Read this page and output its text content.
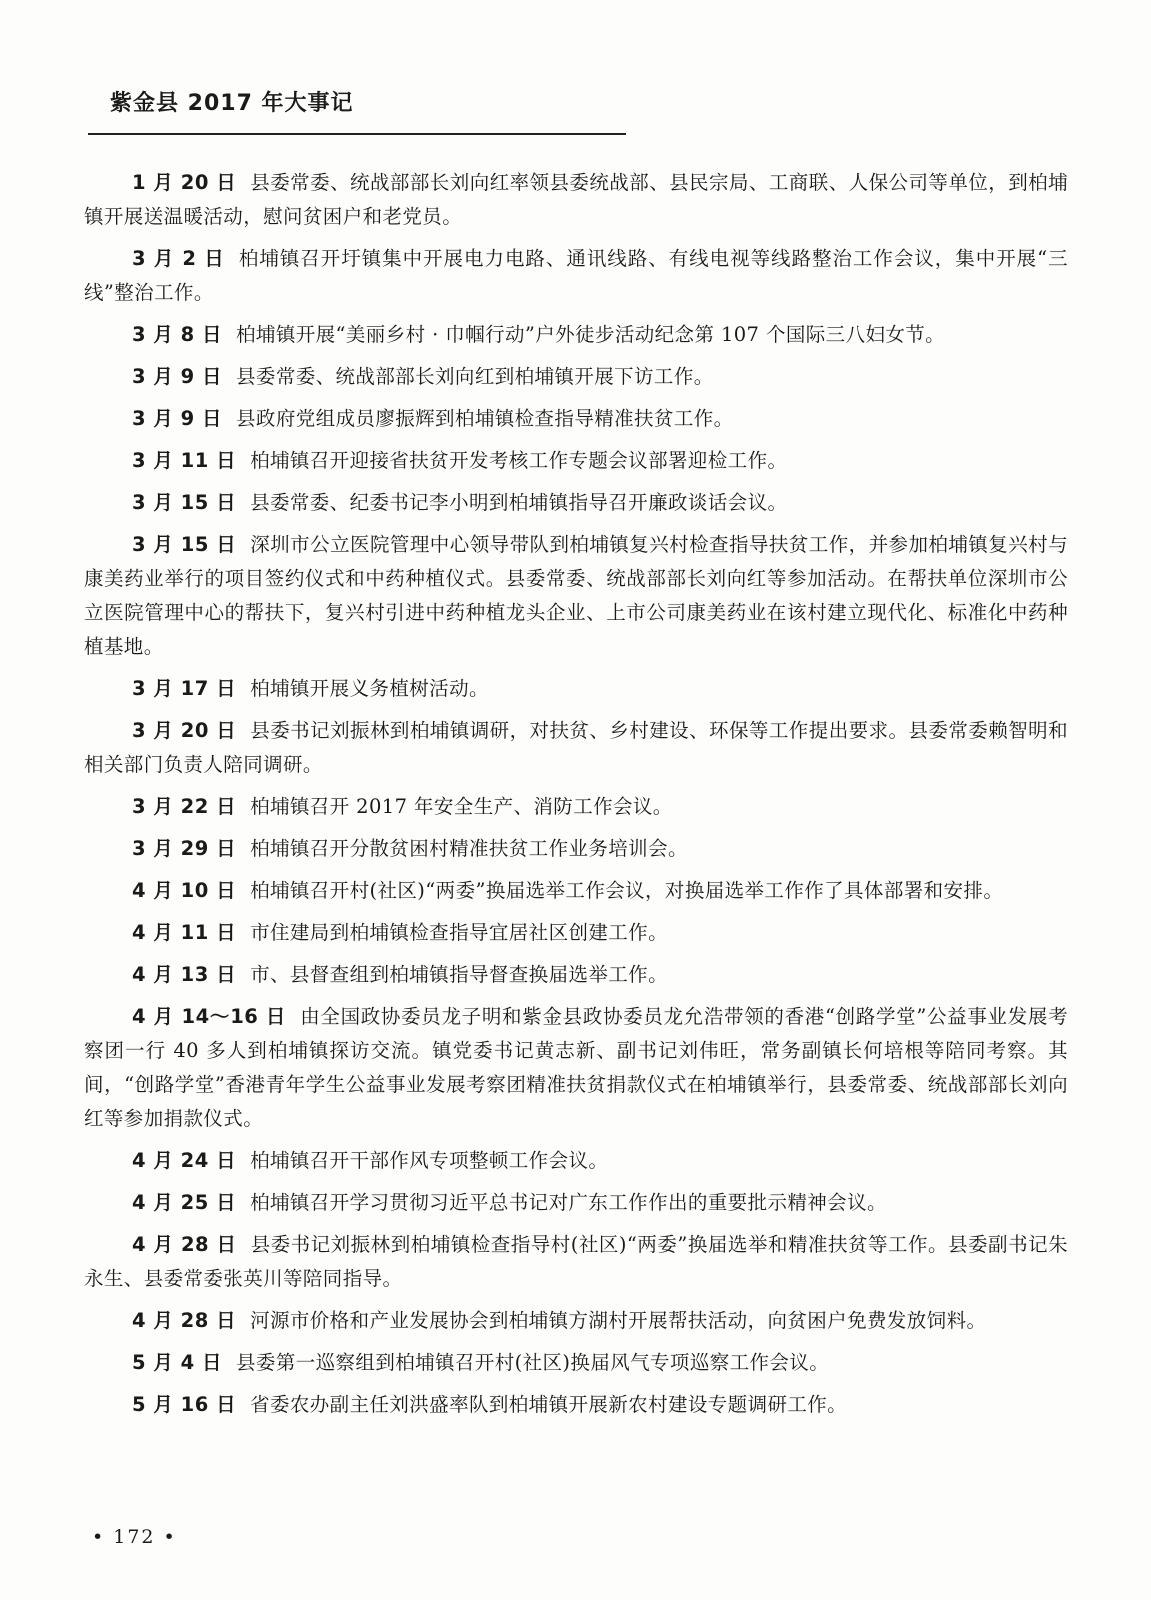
紫金县 2017 年大事记

1 月 20 日 县委常委、统战部部长刘向红率领县委统战部、县民宗局、工商联、人保公司等单位，到柏埔镇开展送温暖活动，慰问贫困户和老党员。

3 月 2 日 柏埔镇召开圩镇集中开展电力电路、通讯线路、有线电视等线路整治工作会议，集中开展“三线”整治工作。

3 月 8 日 柏埔镇开展“美丽乡村 · 巾帼行动”户外徒步活动纪念第 107 个国际三八妇女节。

3 月 9 日 县委常委、统战部部长刘向红到柏埔镇开展下访工作。

3 月 9 日 县政府党组成员廖振辉到柏埔镇检查指导精准扶贫工作。

3 月 11 日 柏埔镇召开迎接省扶贫开发考核工作专题会议部署迎检工作。

3 月 15 日 县委常委、纪委书记李小明到柏埔镇指导召开廉政谈话会议。

3 月 15 日 深圳市公立医院管理中心领导带队到柏埔镇复兴村检查指导扶贫工作，并参加柏埔镇复兴村与康美药业举行的项目签约仪式和中药种植仪式。县委常委、统战部部长刘向红等参加活动。在帮扶单位深圳市公立医院管理中心的帮扶下，复兴村引进中药种植龙头企业、上市公司康美药业在该村建立现代化、标准化中药种植基地。

3 月 17 日 柏埔镇开展义务植树活动。

3 月 20 日 县委书记刘振林到柏埔镇调研，对扶贫、乡村建设、环保等工作提出要求。县委常委赖智明和相关部门负责人陪同调研。

3 月 22 日 柏埔镇召开 2017 年安全生产、消防工作会议。

3 月 29 日 柏埔镇召开分散贫困村精准扶贫工作业务培训会。

4 月 10 日 柏埔镇召开村(社区)“两委”换届选举工作会议，对换届选举工作作了具体部署和安排。

4 月 11 日 市住建局到柏埔镇检查指导宜居社区创建工作。

4 月 13 日 市、县督查组到柏埔镇指导督查换届选举工作。

4 月 14～16 日 由全国政协委员龙子明和紫金县政协委员龙允浩带领的香港“创路学堂”公益事业发展考察团一行 40 多人到柏埔镇探访交流。镇党委书记黄志新、副书记刘伟旺，常务副镇长何培根等陪同考察。其间，“创路学堂”香港青年学生公益事业发展考察团精准扶贫捐款仪式在柏埔镇举行，县委常委、统战部部长刘向红等参加捐款仪式。

4 月 24 日 柏埔镇召开干部作风专项整顿工作会议。

4 月 25 日 柏埔镇召开学习贯彻习近平总书记对广东工作作出的重要批示精神会议。

4 月 28 日 县委书记刘振林到柏埔镇检查指导村(社区)“两委”换届选举和精准扶贫等工作。县委副书记朱永生、县委常委张英川等陪同指导。

4 月 28 日 河源市价格和产业发展协会到柏埔镇方湖村开展帮扶活动，向贫困户免费发放饲料。

5 月 4 日 县委第一巡察组到柏埔镇召开村(社区)换届风气专项巡察工作会议。

5 月 16 日 省委农办副主任刘洪盛率队到柏埔镇开展新农村建设专题调研工作。

• 172 •
